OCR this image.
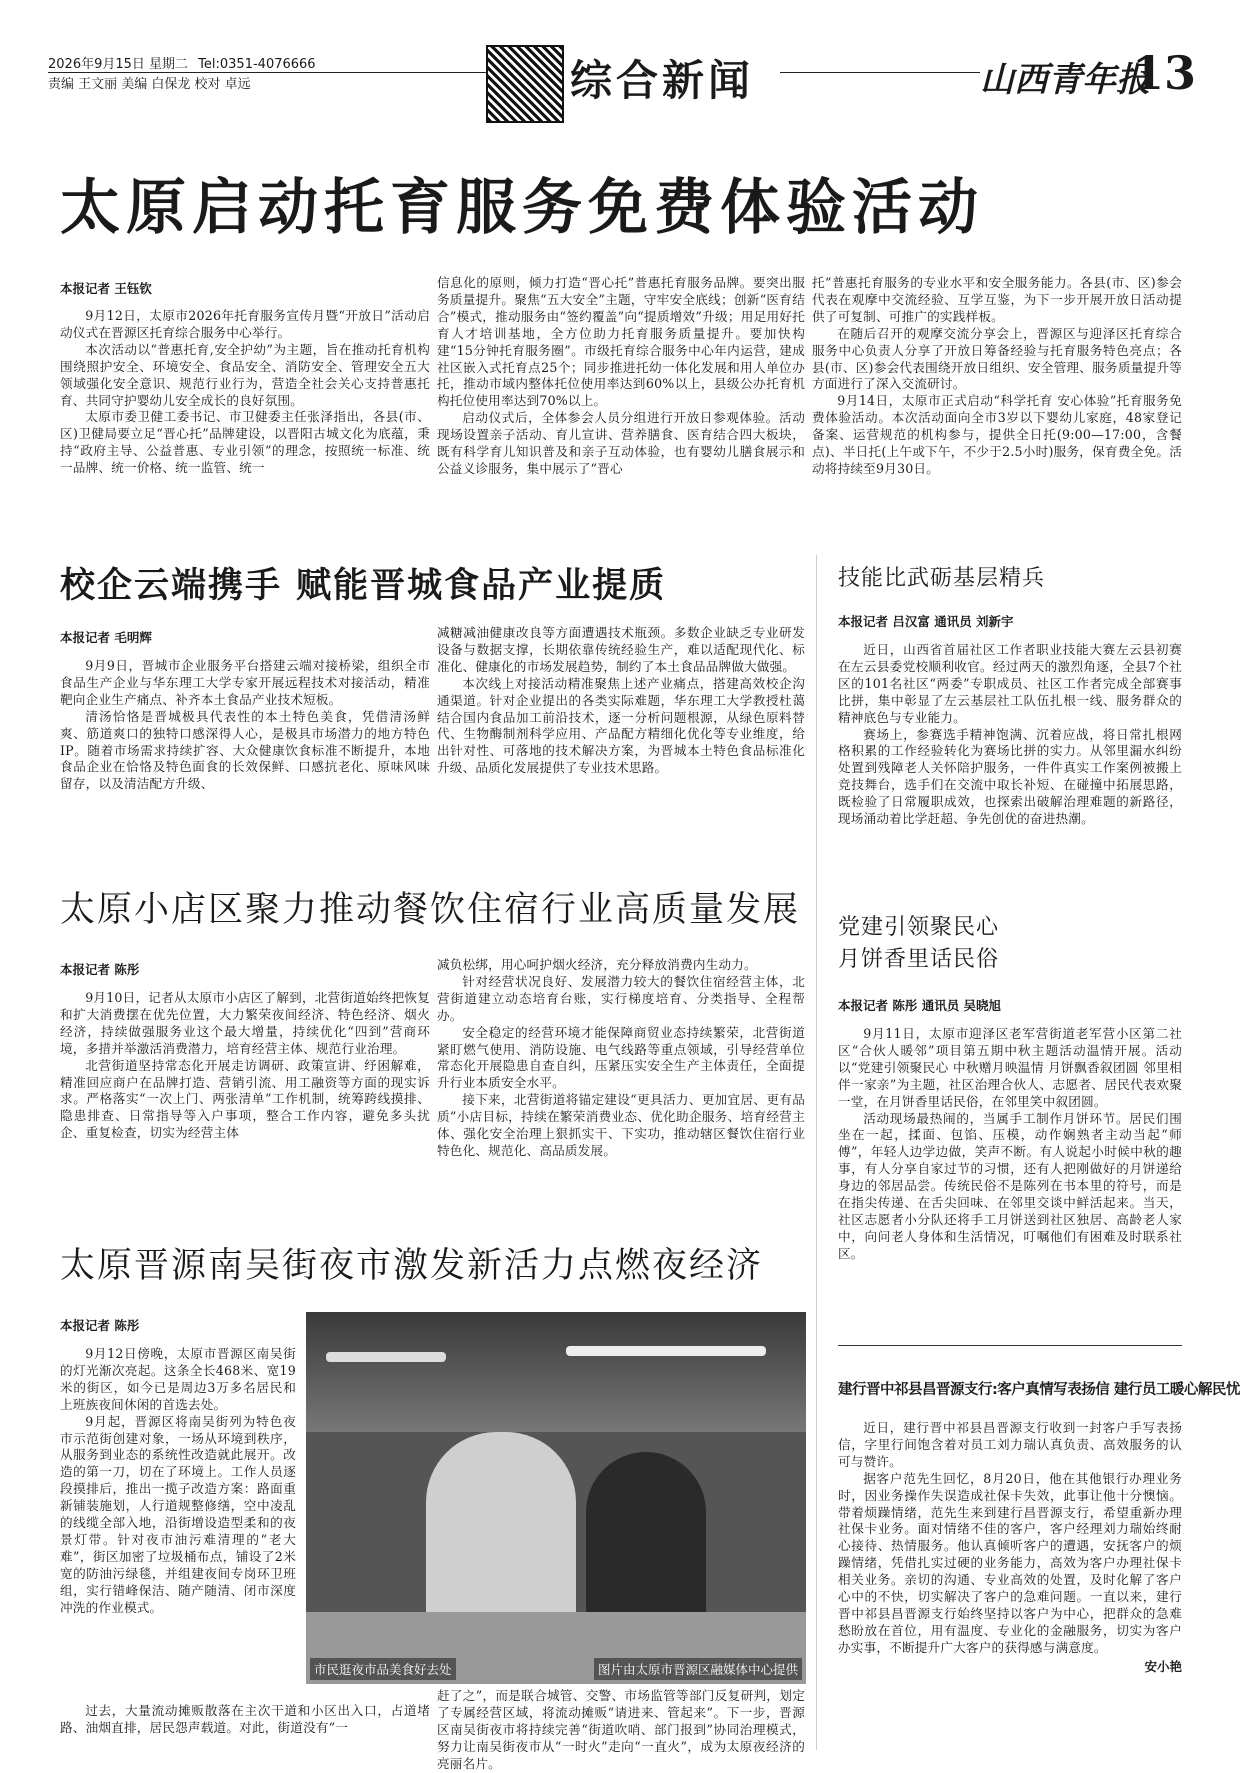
2026年9月15日 星期二 Tel:0351-4076666
责编 王文丽 美编 白保龙 校对 卓远	综合新闻	山西青年报
13
太原启动托育服务免费体验活动
本报记者 王钰钦

9月12日，太原市2026年托育服务宣传月暨“开放日”活动启动仪式在晋源区托育综合服务中心举行。

本次活动以“普惠托育,安全护幼”为主题，旨在推动托育机构围绕照护安全、环境安全、食品安全、消防安全、管理安全五大领域强化安全意识、规范行业行为，营造全社会关心支持普惠托育、共同守护婴幼儿安全成长的良好氛围。

太原市委卫健工委书记、市卫健委主任张泽指出，各县(市、区)卫健局要立足“晋心托”品牌建设，以晋阳古城文化为底蕴，秉持“政府主导、公益普惠、专业引领”的理念，按照统一标准、统一品牌、统一价格、统一监管、统一

信息化的原则，倾力打造“晋心托”普惠托育服务品牌。要突出服务质量提升。聚焦“五大安全”主题，守牢安全底线；创新“医育结合”模式，推动服务由“签约覆盖”向“提质增效”升级；用足用好托育人才培训基地，全方位助力托育服务质量提升。要加快构建“15分钟托育服务圈”。市级托育综合服务中心年内运营，建成社区嵌入式托育点25个；同步推进托幼一体化发展和用人单位办托，推动市域内整体托位使用率达到60%以上，县级公办托育机构托位使用率达到70%以上。

启动仪式后，全体参会人员分组进行开放日参观体验。活动现场设置亲子活动、育儿宣讲、营养膳食、医育结合四大板块，既有科学育儿知识普及和亲子互动体验，也有婴幼儿膳食展示和公益义诊服务，集中展示了“晋心

托”普惠托育服务的专业水平和安全服务能力。各县(市、区)参会代表在观摩中交流经验、互学互鉴，为下一步开展开放日活动提供了可复制、可推广的实践样板。

在随后召开的观摩交流分享会上，晋源区与迎泽区托育综合服务中心负责人分享了开放日筹备经验与托育服务特色亮点；各县(市、区)参会代表围绕开放日组织、安全管理、服务质量提升等方面进行了深入交流研讨。

9月14日，太原市正式启动“科学托育 安心体验”托育服务免费体验活动。本次活动面向全市3岁以下婴幼儿家庭，48家登记备案、运营规范的机构参与，提供全日托(9:00—17:00，含餐点)、半日托(上午或下午，不少于2.5小时)服务，保育费全免。活动将持续至9月30日。

校企云端携手 赋能晋城食品产业提质
本报记者 毛明辉

9月9日，晋城市企业服务平台搭建云端对接桥梁，组织全市食品生产企业与华东理工大学专家开展远程技术对接活动，精准靶向企业生产痛点、补齐本土食品产业技术短板。

清汤恰恪是晋城极具代表性的本土特色美食，凭借清汤鲜爽、筋道爽口的独特口感深得人心，是极具市场潜力的地方特色IP。随着市场需求持续扩容、大众健康饮食标准不断提升，本地食品企业在恰恪及特色面食的长效保鲜、口感抗老化、原味风味留存，以及清洁配方升级、

减糖减油健康改良等方面遭遇技术瓶颈。多数企业缺乏专业研发设备与数据支撑，长期依靠传统经验生产，难以适配现代化、标准化、健康化的市场发展趋势，制约了本土食品品牌做大做强。

本次线上对接活动精准聚焦上述产业痛点，搭建高效校企沟通渠道。针对企业提出的各类实际难题，华东理工大学教授杜蔼结合国内食品加工前沿技术，逐一分析问题根源，从绿色原料替代、生物酶制剂科学应用、产品配方精细化优化等专业维度，给出针对性、可落地的技术解决方案，为晋城本土特色食品标准化升级、品质化发展提供了专业技术思路。

技能比武砺基层精兵
本报记者 吕汉富 通讯员 刘新宇

近日，山西省首届社区工作者职业技能大赛左云县初赛在左云县委党校顺利收官。经过两天的激烈角逐，全县7个社区的101名社区“两委”专职成员、社区工作者完成全部赛事比拼，集中彰显了左云基层社工队伍扎根一线、服务群众的精神底色与专业能力。

赛场上，参赛选手精神饱满、沉着应战，将日常扎根网格积累的工作经验转化为赛场比拼的实力。从邻里漏水纠纷处置到残障老人关怀陪护服务，一件件真实工作案例被搬上竞技舞台，选手们在交流中取长补短、在碰撞中拓展思路，既检验了日常履职成效，也探索出破解治理难题的新路径，现场涌动着比学赶超、争先创优的奋进热潮。

太原小店区聚力推动餐饮住宿行业高质量发展
本报记者 陈彤

9月10日，记者从太原市小店区了解到，北营街道始终把恢复和扩大消费摆在优先位置，大力繁荣夜间经济、特色经济、烟火经济，持续做强服务业这个最大增量，持续优化“四到”营商环境，多措并举激活消费潜力，培育经营主体、规范行业治理。

北营街道坚持常态化开展走访调研、政策宣讲、纾困解难，精准回应商户在品牌打造、营销引流、用工融资等方面的现实诉求。严格落实“一次上门、两张清单”工作机制，统筹跨线摸排、隐患排查、日常指导等入户事项，整合工作内容，避免多头扰企、重复检查，切实为经营主体

减负松绑，用心呵护烟火经济，充分释放消费内生动力。

针对经营状况良好、发展潜力较大的餐饮住宿经营主体，北营街道建立动态培育台账，实行梯度培育、分类指导、全程帮办。

安全稳定的经营环境才能保障商贸业态持续繁荣，北营街道紧盯燃气使用、消防设施、电气线路等重点领域，引导经营单位常态化开展隐患自查自纠，压紧压实安全生产主体责任，全面提升行业本质安全水平。

接下来，北营街道将锚定建设“更具活力、更加宜居、更有品质”小店目标，持续在繁荣消费业态、优化助企服务、培育经营主体、强化安全治理上狠抓实干、下实功，推动辖区餐饮住宿行业特色化、规范化、高品质发展。

党建引领聚民心
月饼香里话民俗
本报记者 陈彤 通讯员 吴晓旭

9月11日，太原市迎泽区老军营街道老军营小区第二社区“合伙人暖邻”项目第五期中秋主题活动温情开展。活动以“党建引领聚民心 中秋赠月映温情 月饼飘香叙团圆 邻里相伴一家亲”为主题，社区治理合伙人、志愿者、居民代表欢聚一堂，在月饼香里话民俗，在邻里笑中叙团圆。

活动现场最热闹的，当属手工制作月饼环节。居民们围坐在一起，揉面、包馅、压模，动作娴熟者主动当起“师傅”，年轻人边学边做，笑声不断。有人说起小时候中秋的趣事，有人分享自家过节的习惯，还有人把刚做好的月饼递给身边的邻居品尝。传统民俗不是陈列在书本里的符号，而是在指尖传递、在舌尖回味、在邻里交谈中鲜活起来。当天，社区志愿者小分队还将手工月饼送到社区独居、高龄老人家中，向问老人身体和生活情况，叮嘱他们有困难及时联系社区。

太原晋源南吴街夜市激发新活力点燃夜经济
本报记者 陈彤

9月12日傍晚，太原市晋源区南吴街的灯光渐次亮起。这条全长468米、宽19米的街区，如今已是周边3万多名居民和上班族夜间休闲的首选去处。

9月起，晋源区将南吴街列为特色夜市示范街创建对象，一场从环境到秩序，从服务到业态的系统性改造就此展开。改造的第一刀，切在了环境上。工作人员逐段摸排后，推出一揽子改造方案：路面重新铺装施划，人行道规整修缮，空中凌乱的线缆全部入地，沿街增设造型柔和的夜景灯带。针对夜市油污难清理的“老大难”，街区加密了垃圾桶布点，铺设了2米宽的防油污绿毯，并组建夜间专岗环卫班组，实行错峰保洁、随产随清、闭市深度冲洗的作业模式。

过去，大量流动摊贩散落在主次干道和小区出入口，占道堵路、油烟直排，居民怨声载道。对此，街道没有“一

市民逛夜市品美食好去处	图片由太原市晋源区融媒体中心提供

赶了之”，而是联合城管、交警、市场监管等部门反复研判，划定了专属经营区域，将流动摊贩“请进来、管起来”。下一步，晋源区南吴街夜市将持续完善“街道吹哨、部门报到”协同治理模式，努力让南吴街夜市从“一时火”走向“一直火”，成为太原夜经济的亮丽名片。

建行晋中祁县昌晋源支行:客户真情写表扬信 建行员工暖心解民忧

近日，建行晋中祁县昌晋源支行收到一封客户手写表扬信，字里行间饱含着对员工刘力瑞认真负责、高效服务的认可与赞许。

据客户范先生回忆，8月20日，他在其他银行办理业务时，因业务操作失误造成社保卡失效，此事让他十分懊恼。带着烦躁情绪，范先生来到建行昌晋源支行，希望重新办理社保卡业务。面对情绪不佳的客户，客户经理刘力瑞始终耐心接待、热情服务。他认真倾听客户的遭遇，安抚客户的烦躁情绪，凭借扎实过硬的业务能力，高效为客户办理社保卡相关业务。亲切的沟通、专业高效的处置，及时化解了客户心中的不快，切实解决了客户的急难问题。一直以来，建行晋中祁县昌晋源支行始终坚持以客户为中心，把群众的急难愁盼放在首位，用有温度、专业化的金融服务，切实为客户办实事，不断提升广大客户的获得感与满意度。

安小艳
